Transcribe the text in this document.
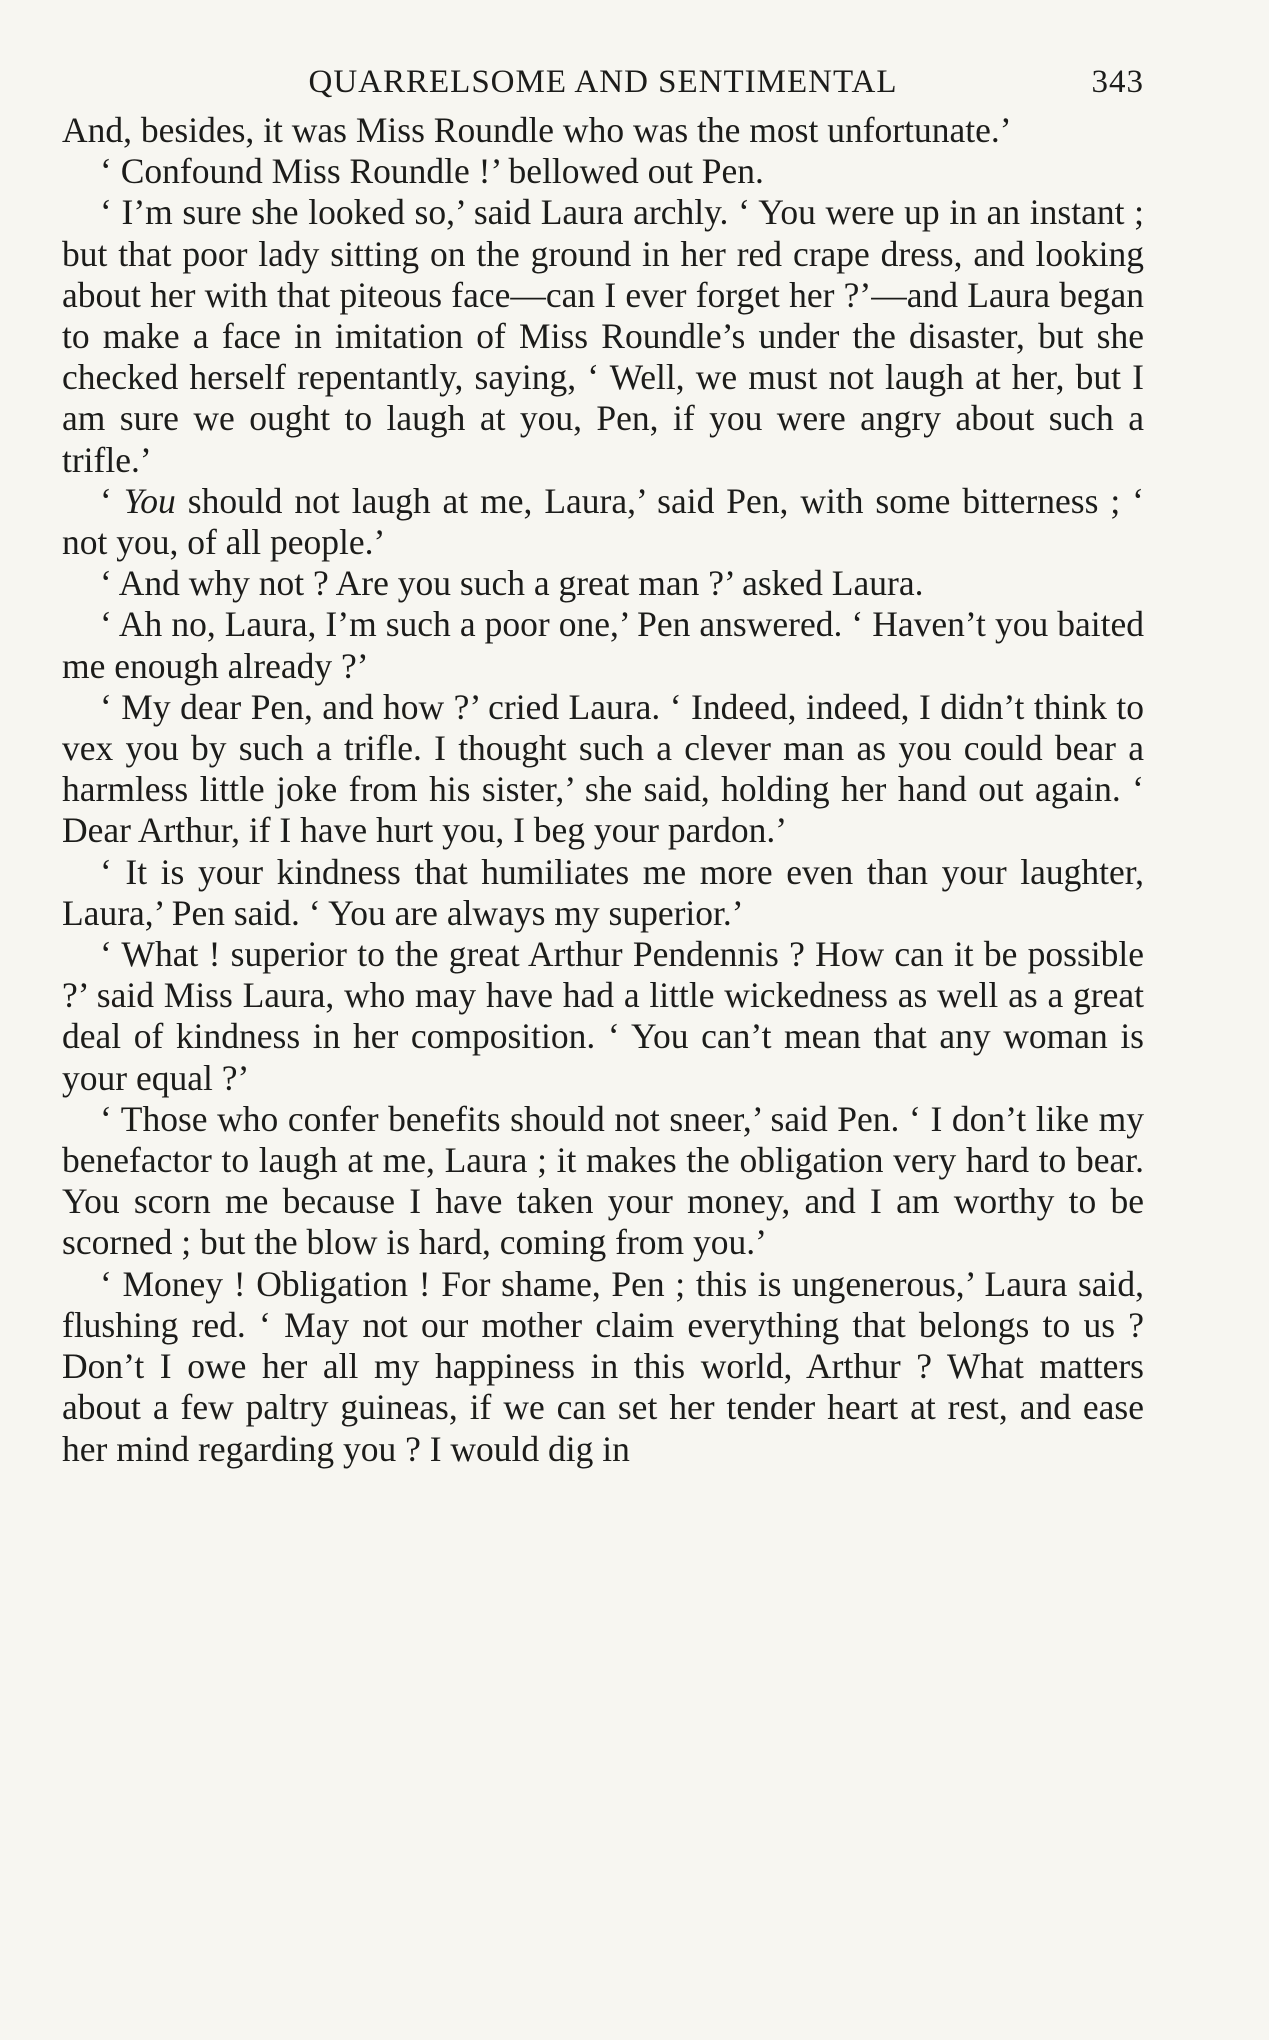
QUARRELSOME AND SENTIMENTAL	343

And, besides, it was Miss Roundle who was the most unfortunate.’

‘ Confound Miss Roundle !’ bellowed out Pen.

‘ I’m sure she looked so,’ said Laura archly. ‘ You were up in an instant ; but that poor lady sitting on the ground in her red crape dress, and looking about her with that piteous face—can I ever forget her ?’—and Laura began to make a face in imitation of Miss Roundle’s under the disaster, but she checked herself repentantly, saying, ‘ Well, we must not laugh at her, but I am sure we ought to laugh at you, Pen, if you were angry about such a trifle.’

‘ You should not laugh at me, Laura,’ said Pen, with some bitterness ; ‘ not you, of all people.’

‘ And why not ? Are you such a great man ?’ asked Laura.

‘ Ah no, Laura, I’m such a poor one,’ Pen answered. ‘ Haven’t you baited me enough already ?’

‘ My dear Pen, and how ?’ cried Laura. ‘ Indeed, indeed, I didn’t think to vex you by such a trifle. I thought such a clever man as you could bear a harmless little joke from his sister,’ she said, holding her hand out again. ‘ Dear Arthur, if I have hurt you, I beg your pardon.’

‘ It is your kindness that humiliates me more even than your laughter, Laura,’ Pen said. ‘ You are always my superior.’

‘ What ! superior to the great Arthur Pendennis ? How can it be possible ?’ said Miss Laura, who may have had a little wickedness as well as a great deal of kindness in her composition. ‘ You can’t mean that any woman is your equal ?’

‘ Those who confer benefits should not sneer,’ said Pen. ‘ I don’t like my benefactor to laugh at me, Laura ; it makes the obligation very hard to bear. You scorn me because I have taken your money, and I am worthy to be scorned ; but the blow is hard, coming from you.’

‘ Money ! Obligation ! For shame, Pen ; this is ungenerous,’ Laura said, flushing red. ‘ May not our mother claim everything that belongs to us ? Don’t I owe her all my happiness in this world, Arthur ? What matters about a few paltry guineas, if we can set her tender heart at rest, and ease her mind regarding you ? I would dig in
